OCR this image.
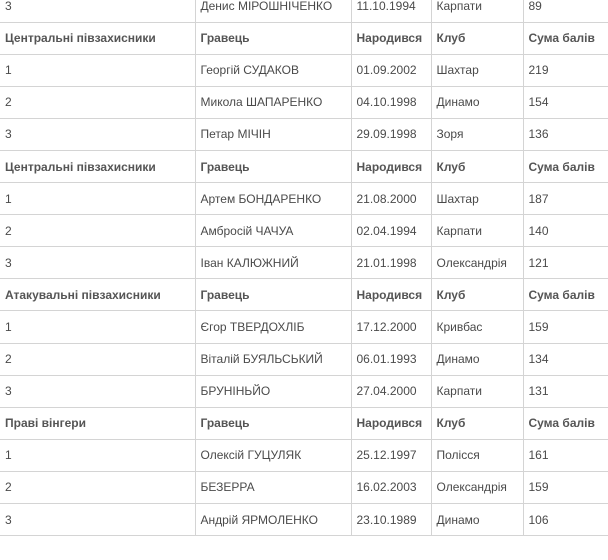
3	Денис МІРОШНІЧЕНКО	11.10.1994	Карпати	89
Центральні півзахисники	Гравець	Народився	Клуб	Сума балів
1	Георгій СУДАКОВ	01.09.2002	Шахтар	219
2	Микола ШАПАРЕНКО	04.10.1998	Динамо	154
3	Петар МІЧІН	29.09.1998	Зоря	136
Центральні півзахисники	Гравець	Народився	Клуб	Сума балів
1	Артем БОНДАРЕНКО	21.08.2000	Шахтар	187
2	Амбросій ЧАЧУА	02.04.1994	Карпати	140
3	Іван КАЛЮЖНИЙ	21.01.1998	Олександрія	121
Атакувальні півзахисники	Гравець	Народився	Клуб	Сума балів
1	Єгор ТВЕРДОХЛІБ	17.12.2000	Кривбас	159
2	Віталій БУЯЛЬСЬКИЙ	06.01.1993	Динамо	134
3	БРУНІНЬЙО	27.04.2000	Карпати	131
Праві вінгери	Гравець	Народився	Клуб	Сума балів
1	Олексій ГУЦУЛЯК	25.12.1997	Полісся	161
2	БЕЗЕРРА	16.02.2003	Олександрія	159
3	Андрій ЯРМОЛЕНКО	23.10.1989	Динамо	106
